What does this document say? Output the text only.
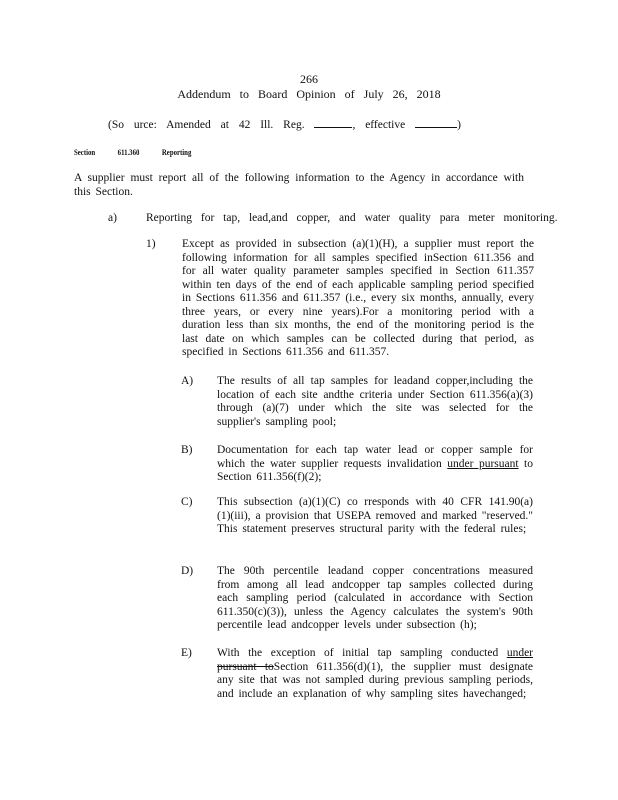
266
Addendum to Board Opinion of July 26, 2018
(So urce: Amended at 42 Ill. Reg.	, effective	)
Section	611.360	Reporting
A supplier must report all of the following information to the Agency in accordance with this Section.
a)	Reporting for tap, lead,and copper, and water quality para meter monitoring.
1) Except as provided in subsection (a)(1)(H), a supplier must report the following information for all samples specified inSection 611.356 and for all water quality parameter samples specified in Section 611.357 within ten days of the end of each applicable sampling period specified in Sections 611.356 and 611.357 (i.e., every six months, annually, every three years, or every nine years).For a monitoring period with a duration less than six months, the end of the monitoring period is the last date on which samples can be collected during that period, as specified in Sections 611.356 and 611.357.
A) The results of all tap samples for leadand copper,including the location of each site andthe criteria under Section 611.356(a)(3) through (a)(7) under which the site was selected for the supplier's sampling pool;
B) Documentation for each tap water lead or copper sample for which the water supplier requests invalidation under pursuant to Section 611.356(f)(2);
C) This subsection (a)(1)(C) co rresponds with 40 CFR 141.90(a)(1)(iii), a provision that USEPA removed and marked "reserved." This statement preserves structural parity with the federal rules;
D) The 90th percentile leadand copper concentrations measured from among all lead andcopper tap samples collected during each sampling period (calculated in accordance with Section 611.350(c)(3)), unless the Agency calculates the system's 90th percentile lead andcopper levels under subsection (h);
E) With the exception of initial tap sampling conducted under pursuant toSection 611.356(d)(1), the supplier must designate any site that was not sampled during previous sampling periods, and include an explanation of why sampling sites havechanged;
